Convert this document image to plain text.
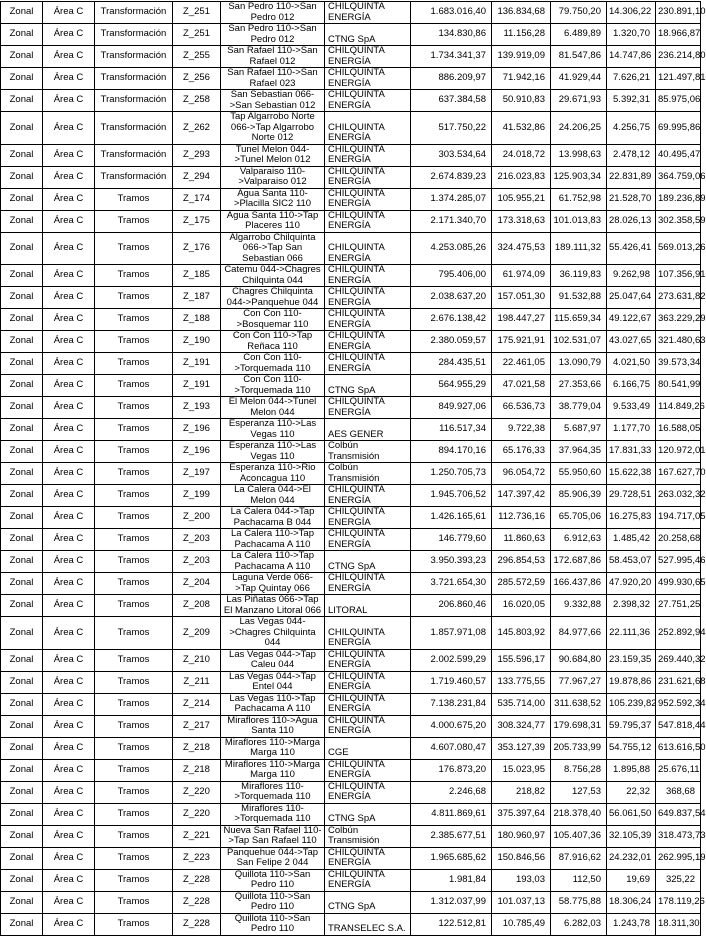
Zonal	Área C	Transformación	Z_251	San Pedro 110->San Pedro 012	CHILQUINTA ENERGÍA	1.683.016,40	136.834,68	79.750,20	14.306,22	230.891,10
Zonal	Área C	Transformación	Z_251	San Pedro 110->San Pedro 012	CTNG SpA	134.830,86	11.156,28	6.489,89	1.320,70	18.966,87
Zonal	Área C	Transformación	Z_255	San Rafael 110->San Rafael 012	CHILQUINTA ENERGÍA	1.734.341,37	139.919,09	81.547,86	14.747,86	236.214,80
Zonal	Área C	Transformación	Z_256	San Rafael 110->San Rafael 023	CHILQUINTA ENERGÍA	886.209,97	71.942,16	41.929,44	7.626,21	121.497,81
Zonal	Área C	Transformación	Z_258	San Sebastian 066->San Sebastian 012	CHILQUINTA ENERGÍA	637.384,58	50.910,83	29.671,93	5.392,31	85.975,06
Zonal	Área C	Transformación	Z_262	Tap Algarrobo Norte 066->Tap Algarrobo Norte 012	CHILQUINTA ENERGÍA	517.750,22	41.532,86	24.206,25	4.256,75	69.995,86
Zonal	Área C	Transformación	Z_293	Tunel Melon 044->Tunel Melon 012	CHILQUINTA ENERGÍA	303.534,64	24.018,72	13.998,63	2.478,12	40.495,47
Zonal	Área C	Transformación	Z_294	Valparaiso 110->Valparaiso 012	CHILQUINTA ENERGÍA	2.674.839,23	216.023,83	125.903,34	22.831,89	364.759,06
Zonal	Área C	Tramos	Z_174	Agua Santa 110->Placilla SIC2 110	CHILQUINTA ENERGÍA	1.374.285,07	105.955,21	61.752,98	21.528,70	189.236,89
Zonal	Área C	Tramos	Z_175	Agua Santa 110->Tap Placeres 110	CHILQUINTA ENERGÍA	2.171.340,70	173.318,63	101.013,83	28.026,13	302.358,59
Zonal	Área C	Tramos	Z_176	Algarrobo Chilquinta 066->Tap San Sebastian 066	CHILQUINTA ENERGÍA	4.253.085,26	324.475,53	189.111,32	55.426,41	569.013,26
Zonal	Área C	Tramos	Z_185	Catemu 044->Chagres Chilquinta 044	CHILQUINTA ENERGÍA	795.406,00	61.974,09	36.119,83	9.262,98	107.356,91
Zonal	Área C	Tramos	Z_187	Chagres Chilquinta 044->Panquehue 044	CHILQUINTA ENERGÍA	2.038.637,20	157.051,30	91.532,88	25.047,64	273.631,82
Zonal	Área C	Tramos	Z_188	Con Con 110->Bosquemar 110	CHILQUINTA ENERGÍA	2.676.138,42	198.447,27	115.659,34	49.122,67	363.229,29
Zonal	Área C	Tramos	Z_190	Con Con 110->Tap Reñaca 110	CHILQUINTA ENERGÍA	2.380.059,57	175.921,91	102.531,07	43.027,65	321.480,63
Zonal	Área C	Tramos	Z_191	Con Con 110->Torquemada 110	CHILQUINTA ENERGÍA	284.435,51	22.461,05	13.090,79	4.021,50	39.573,34
Zonal	Área C	Tramos	Z_191	Con Con 110->Torquemada 110	CTNG SpA	564.955,29	47.021,58	27.353,66	6.166,75	80.541,99
Zonal	Área C	Tramos	Z_193	El Melon 044->Tunel Melon 044	CHILQUINTA ENERGÍA	849.927,06	66.536,73	38.779,04	9.533,49	114.849,26
Zonal	Área C	Tramos	Z_196	Esperanza 110->Las Vegas 110	AES GENER	116.517,34	9.722,38	5.687,97	1.177,70	16.588,05
Zonal	Área C	Tramos	Z_196	Esperanza 110->Las Vegas 110	Colbún Transmisión	894.170,16	65.176,33	37.964,35	17.831,33	120.972,01
Zonal	Área C	Tramos	Z_197	Esperanza 110->Rio Aconcagua 110	Colbún Transmisión	1.250.705,73	96.054,72	55.950,60	15.622,38	167.627,70
Zonal	Área C	Tramos	Z_199	La Calera 044->El Melon 044	CHILQUINTA ENERGÍA	1.945.706,52	147.397,42	85.906,39	29.728,51	263.032,32
Zonal	Área C	Tramos	Z_200	La Calera 044->Tap Pachacama B 044	CHILQUINTA ENERGÍA	1.426.165,61	112.736,16	65.705,06	16.275,83	194.717,05
Zonal	Área C	Tramos	Z_203	La Calera 110->Tap Pachacama A 110	CHILQUINTA ENERGÍA	146.779,60	11.860,63	6.912,63	1.485,42	20.258,68
Zonal	Área C	Tramos	Z_203	La Calera 110->Tap Pachacama A 110	CTNG SpA	3.950.393,23	296.854,53	172.687,86	58.453,07	527.995,46
Zonal	Área C	Tramos	Z_204	Laguna Verde 066->Tap Quintay 066	CHILQUINTA ENERGÍA	3.721.654,30	285.572,59	166.437,86	47.920,20	499.930,65
Zonal	Área C	Tramos	Z_208	Las Piñatas 066->Tap El Manzano Litoral 066	LITORAL	206.860,46	16.020,05	9.332,88	2.398,32	27.751,25
Zonal	Área C	Tramos	Z_209	Las Vegas 044->Chagres Chilquinta 044	CHILQUINTA ENERGÍA	1.857.971,08	145.803,92	84.977,66	22.111,36	252.892,94
Zonal	Área C	Tramos	Z_210	Las Vegas 044->Tap Caleu 044	CHILQUINTA ENERGÍA	2.002.599,29	155.596,17	90.684,80	23.159,35	269.440,32
Zonal	Área C	Tramos	Z_211	Las Vegas 044->Tap Entel 044	CHILQUINTA ENERGÍA	1.719.460,57	133.775,55	77.967,27	19.878,86	231.621,68
Zonal	Área C	Tramos	Z_214	Las Vegas 110->Tap Pachacama A 110	CHILQUINTA ENERGÍA	7.138.231,84	535.714,00	311.638,52	105.239,82	952.592,34
Zonal	Área C	Tramos	Z_217	Miraflores 110->Agua Santa 110	CHILQUINTA ENERGÍA	4.000.675,20	308.324,77	179.698,31	59.795,37	547.818,44
Zonal	Área C	Tramos	Z_218	Miraflores 110->Marga Marga 110	CGE	4.607.080,47	353.127,39	205.733,99	54.755,12	613.616,50
Zonal	Área C	Tramos	Z_218	Miraflores 110->Marga Marga 110	CHILQUINTA ENERGÍA	176.873,20	15.023,95	8.756,28	1.895,88	25.676,11
Zonal	Área C	Tramos	Z_220	Miraflores 110->Torquemada 110	CHILQUINTA ENERGÍA	2.246,68	218,82	127,53	22,32	368,68
Zonal	Área C	Tramos	Z_220	Miraflores 110->Torquemada 110	CTNG SpA	4.811.869,61	375.397,64	218.378,40	56.061,50	649.837,54
Zonal	Área C	Tramos	Z_221	Nueva San Rafael 110->Tap San Rafael 110	Colbún Transmisión	2.385.677,51	180.960,97	105.407,36	32.105,39	318.473,73
Zonal	Área C	Tramos	Z_223	Panquehue 044->Tap San Felipe 2 044	CHILQUINTA ENERGÍA	1.965.685,62	150.846,56	87.916,62	24.232,01	262.995,19
Zonal	Área C	Tramos	Z_228	Quillota 110->San Pedro 110	CHILQUINTA ENERGÍA	1.981,84	193,03	112,50	19,69	325,22
Zonal	Área C	Tramos	Z_228	Quillota 110->San Pedro 110	CTNG SpA	1.312.037,99	101.037,13	58.775,88	18.306,24	178.119,26
Zonal	Área C	Tramos	Z_228	Quillota 110->San Pedro 110	TRANSELEC S.A.	122.512,81	10.785,49	6.282,03	1.243,78	18.311,30
